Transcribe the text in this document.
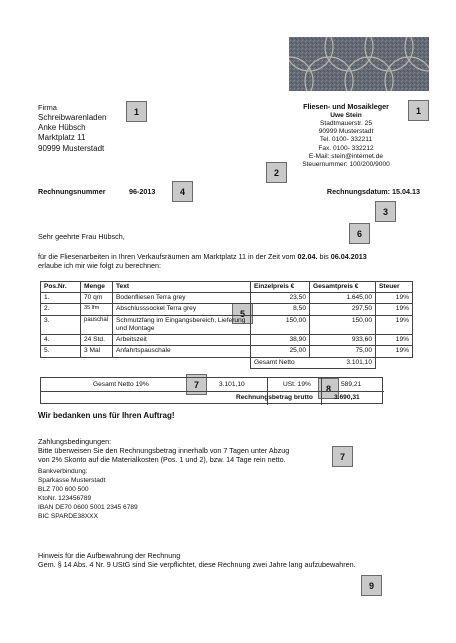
1	1
2
3
4
5
6
7
7
8
9
Firma
Schreibwarenladen
Anke Hübsch
Marktplatz 11
90999 Musterstadt
Fliesen- und Mosaikleger
Uwe Stein
Stadtmauerstr. 25
90999 Musterstadt
Tel. 0100- 332211
Fax. 0100- 332212
E-Mail: stein@internet.de
Steuernummer: 100/200/9000
Rechnungsnummer	96-2013	Rechnungsdatum: 15.04.13
Sehr geehrte Frau Hübsch,
für die Fliesenarbeiten in Ihren Verkaufsräumen am Marktplatz 11 in der Zeit vom 02.04. bis 06.04.2013
erlaube ich mir wie folgt zu berechnen:
Pos.Nr.	Menge	Text	Einzelpreis €	Gesamtpreis €	Steuer
1.	70 qm	Bodenfliesen Terra grey	23,50	1.645,00	19%
2.	35 lfm	Abschlusssockel Terra grey	8,50	297,50	19%
3.	pauschal	Schmutzfang im Eingangsbereich, Lieferung und Montage	150,00	150,00	19%
4.	24 Std.	Arbeitszeit	38,90	933,60	19%
5.	3 Mal	Anfahrtspauschale	25,00	75,00	19%
			Gesamt Netto 3.101,10		

Gesamt Netto 19%	3.101,10	USt. 19%	589,21
Rechnungsbetrag brutto	3.690,31
Wir bedanken uns für Ihren Auftrag!
Zahlungsbedingungen:
Bitte überweisen Sie den Rechnungsbetrag innerhalb von 7 Tagen unter Abzug
von 2% Skonto auf die Materialkosten (Pos. 1 und 2), bzw. 14 Tage rein netto.
Bankverbindung:
Sparkasse Musterstadt
BLZ 700 600 500
KtoNr. 123456789
IBAN DE70 0600 5001 2345 6789
BIC SPARDE38XXX
Hinweis für die Aufbewahrung der Rechnung
Gem. § 14 Abs. 4 Nr. 9 UStG sind Sie verpflichtet, diese Rechnung zwei Jahre lang aufzubewahren.
